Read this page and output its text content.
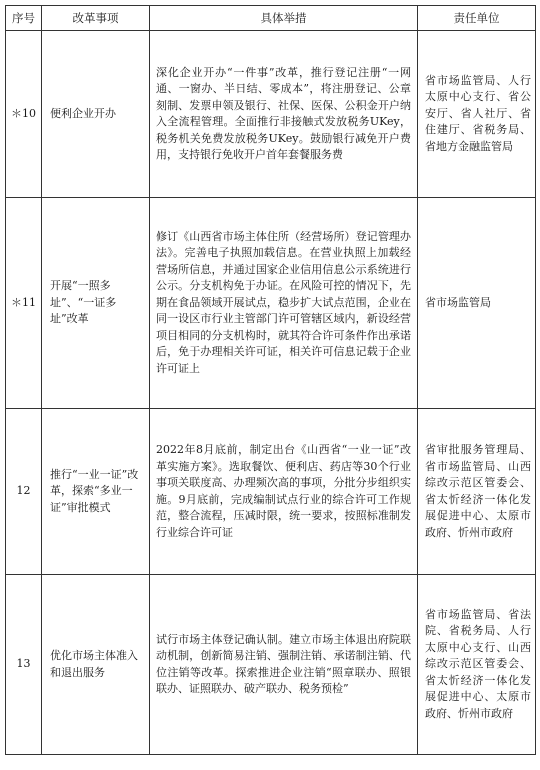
序号	改革事项	具体举措	责任单位
＊10	便利企业开办	深化企业开办“一件事”改革，推行登记注册“一网通、一窗办、半日结、零成本”，将注册登记、公章刻制、发票申领及银行、社保、医保、公积金开户纳入全流程管理。全面推行非接触式发放税务UKey，税务机关免费发放税务UKey。鼓励银行减免开户费用，支持银行免收开户首年套餐服务费	省市场监管局、人行太原中心支行、省公安厅、省人社厅、省住建厅、省税务局、省地方金融监管局
＊11	开展“一照多址”、“一证多址”改革	修订《山西省市场主体住所（经营场所）登记管理办法》。完善电子执照加载信息。在营业执照上加载经营场所信息，并通过国家企业信用信息公示系统进行公示。分支机构免于办证。在风险可控的情况下，先期在食品领域开展试点，稳步扩大试点范围，企业在同一设区市行业主管部门许可管辖区域内，新设经营项目相同的分支机构时，就其符合许可条件作出承诺后，免于办理相关许可证，相关许可信息记载于企业许可证上	省市场监管局
12	推行“一业一证”改革，探索“多业一证”审批模式	2022年8月底前，制定出台《山西省“一业一证”改革实施方案》。选取餐饮、便利店、药店等30个行业事项关联度高、办理频次高的事项，分批分步组织实施。9月底前，完成编制试点行业的综合许可工作规范，整合流程，压减时限，统一要求，按照标准制发行业综合许可证	省审批服务管理局、省市场监管局、山西综改示范区管委会、省太忻经济一体化发展促进中心、太原市政府、忻州市政府
13	优化市场主体准入和退出服务	试行市场主体登记确认制。建立市场主体退出府院联动机制，创新简易注销、强制注销、承诺制注销、代位注销等改革。探索推进企业注销“照章联办、照银联办、证照联办、破产联办、税务预检”	省市场监管局、省法院、省税务局、人行太原中心支行、山西综改示范区管委会、省太忻经济一体化发展促进中心、太原市政府、忻州市政府
